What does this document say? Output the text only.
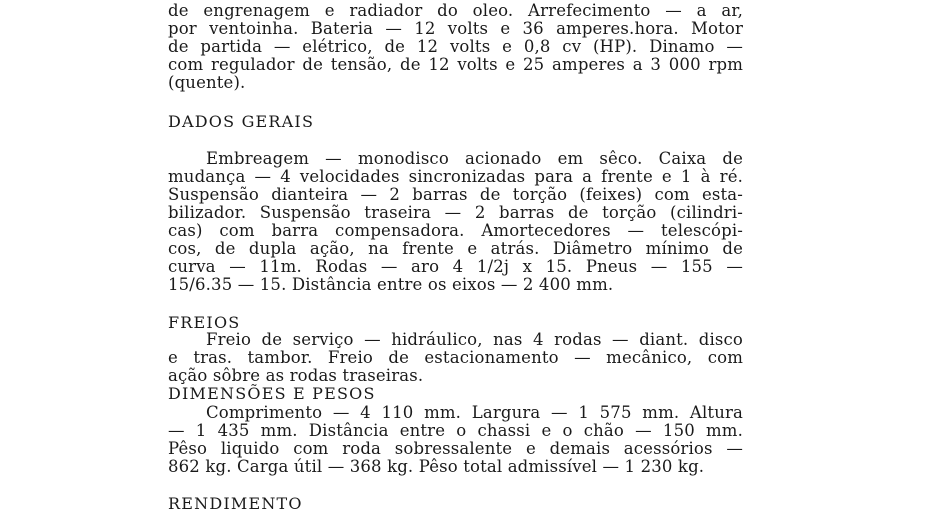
de engrenagem e radiador do oleo. Arrefecimento — a ar,
por ventoinha. Bateria — 12 volts e 36 amperes.hora. Motor
de partida — elétrico, de 12 volts e 0,8 cv (HP). Dinamo —
com regulador de tensão, de 12 volts e 25 amperes a 3 000 rpm
(quente).
DADOS GERAIS
Embreagem — monodisco acionado em sêco. Caixa de
mudança — 4 velocidades sincronizadas para a frente e 1 à ré.
Suspensão dianteira — 2 barras de torção (feixes) com esta-
bilizador. Suspensão traseira — 2 barras de torção (cilindri-
cas) com barra compensadora. Amortecedores — telescópi-
cos, de dupla ação, na frente e atrás. Diâmetro mínimo de
curva — 11m. Rodas — aro 4 1/2j x 15. Pneus — 155 —
15/6.35 — 15. Distância entre os eixos — 2 400 mm.
FREIOS
Freio de serviço — hidráulico, nas 4 rodas — diant. disco
e tras. tambor. Freio de estacionamento — mecânico, com
ação sôbre as rodas traseiras.
DIMENSÕES E PESOS
Comprimento — 4 110 mm. Largura — 1 575 mm. Altura
— 1 435 mm. Distância entre o chassi e o chão — 150 mm.
Pêso liquido com roda sobressalente e demais acessórios —
862 kg. Carga útil — 368 kg. Pêso total admissível — 1 230 kg.
RENDIMENTO
